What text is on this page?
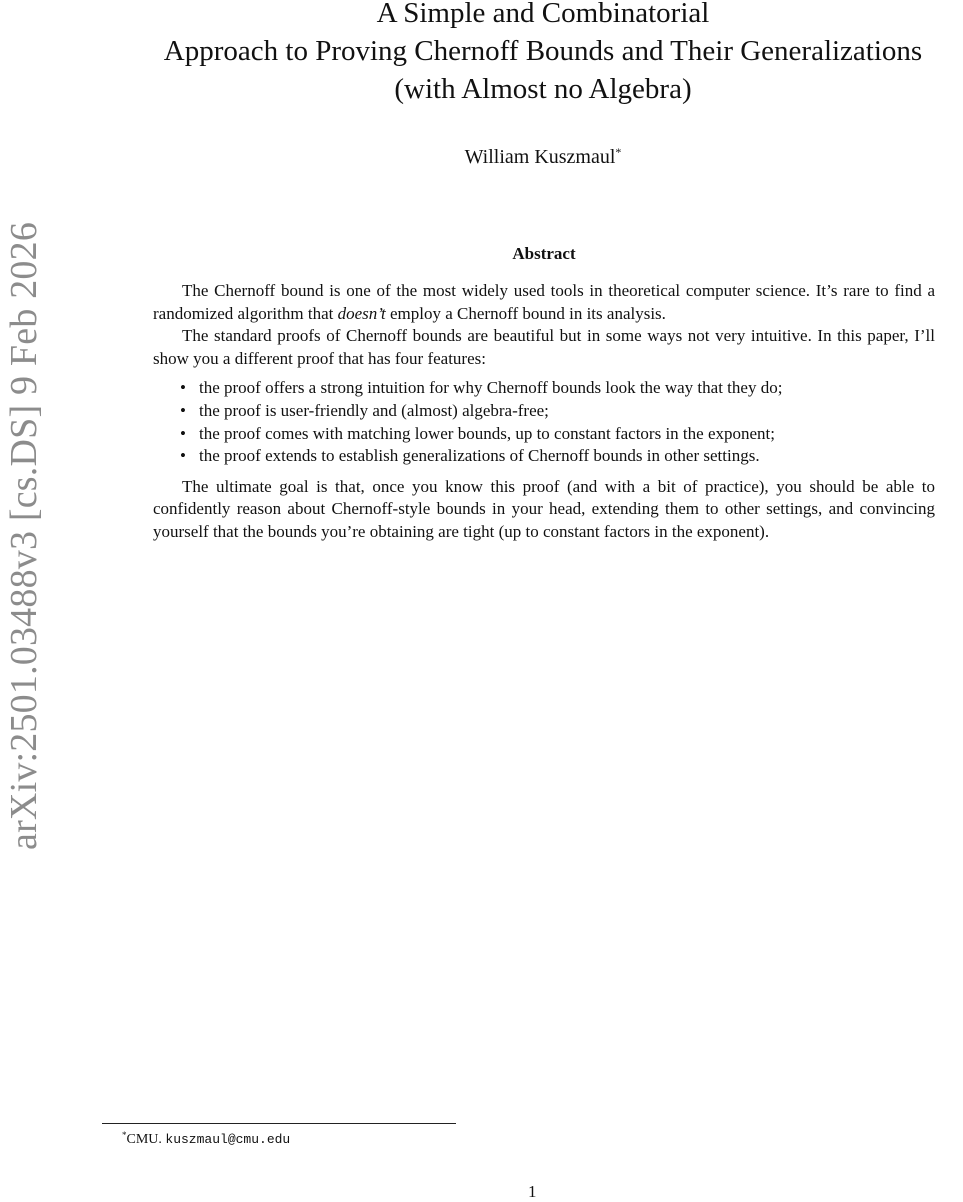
A Simple and Combinatorial
Approach to Proving Chernoff Bounds and Their Generalizations
(with Almost no Algebra)
William Kuszmaul*
arXiv:2501.03488v3 [cs.DS] 9 Feb 2026	Abstract

The Chernoff bound is one of the most widely used tools in theoretical computer science. It’s rare to find a randomized algorithm that doesn’t employ a Chernoff bound in its analysis.

The standard proofs of Chernoff bounds are beautiful but in some ways not very intuitive. In this paper, I’ll show you a different proof that has four features:

• the proof offers a strong intuition for why Chernoff bounds look the way that they do;
• the proof is user-friendly and (almost) algebra-free;
• the proof comes with matching lower bounds, up to constant factors in the exponent;
• the proof extends to establish generalizations of Chernoff bounds in other settings.

The ultimate goal is that, once you know this proof (and with a bit of practice), you should be able to confidently reason about Chernoff-style bounds in your head, extending them to other settings, and convincing yourself that the bounds you’re obtaining are tight (up to constant factors in the exponent).

*CMU. kuszmaul@cmu.edu
1
